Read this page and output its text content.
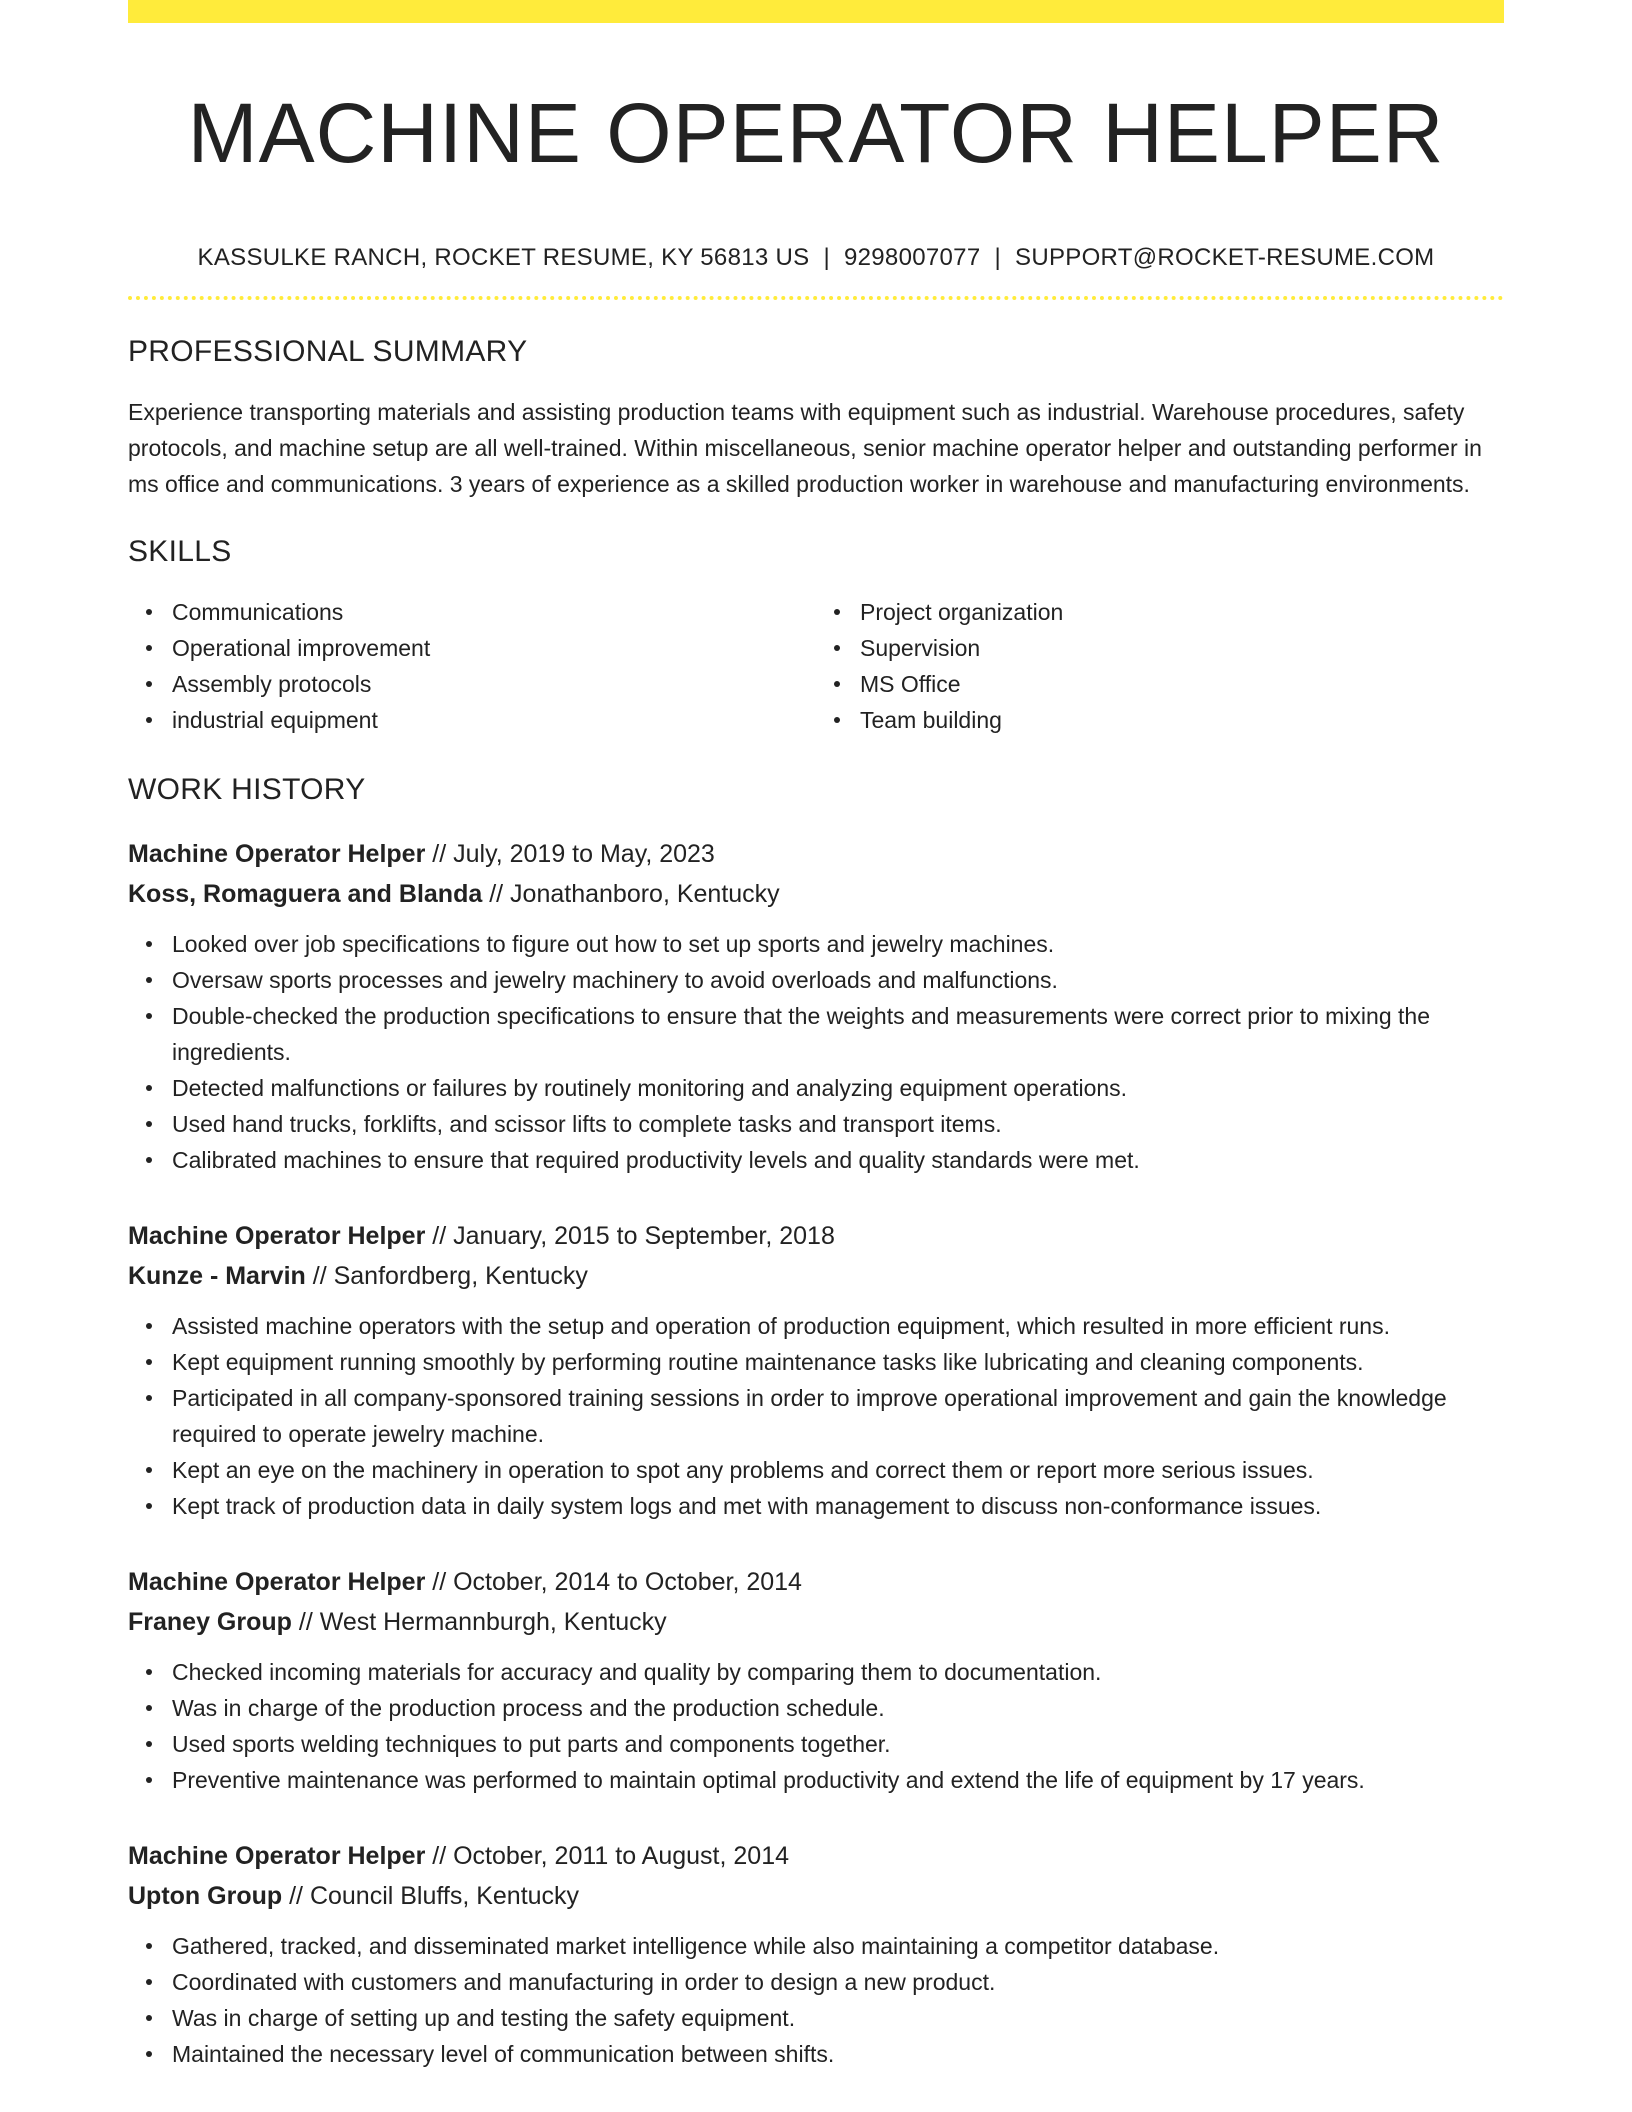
MACHINE OPERATOR HELPER
KASSULKE RANCH, ROCKET RESUME, KY 56813 US | 9298007077 | SUPPORT@ROCKET-RESUME.COM
PROFESSIONAL SUMMARY
Experience transporting materials and assisting production teams with equipment such as industrial. Warehouse procedures, safety protocols, and machine setup are all well-trained. Within miscellaneous, senior machine operator helper and outstanding performer in ms office and communications. 3 years of experience as a skilled production worker in warehouse and manufacturing environments.
SKILLS
Communications
Operational improvement
Assembly protocols
industrial equipment
Project organization
Supervision
MS Office
Team building
WORK HISTORY
Machine Operator Helper // July, 2019 to May, 2023
Koss, Romaguera and Blanda // Jonathanboro, Kentucky
Looked over job specifications to figure out how to set up sports and jewelry machines.
Oversaw sports processes and jewelry machinery to avoid overloads and malfunctions.
Double-checked the production specifications to ensure that the weights and measurements were correct prior to mixing the ingredients.
Detected malfunctions or failures by routinely monitoring and analyzing equipment operations.
Used hand trucks, forklifts, and scissor lifts to complete tasks and transport items.
Calibrated machines to ensure that required productivity levels and quality standards were met.
Machine Operator Helper // January, 2015 to September, 2018
Kunze - Marvin // Sanfordberg, Kentucky
Assisted machine operators with the setup and operation of production equipment, which resulted in more efficient runs.
Kept equipment running smoothly by performing routine maintenance tasks like lubricating and cleaning components.
Participated in all company-sponsored training sessions in order to improve operational improvement and gain the knowledge required to operate jewelry machine.
Kept an eye on the machinery in operation to spot any problems and correct them or report more serious issues.
Kept track of production data in daily system logs and met with management to discuss non-conformance issues.
Machine Operator Helper // October, 2014 to October, 2014
Franey Group // West Hermannburgh, Kentucky
Checked incoming materials for accuracy and quality by comparing them to documentation.
Was in charge of the production process and the production schedule.
Used sports welding techniques to put parts and components together.
Preventive maintenance was performed to maintain optimal productivity and extend the life of equipment by 17 years.
Machine Operator Helper // October, 2011 to August, 2014
Upton Group // Council Bluffs, Kentucky
Gathered, tracked, and disseminated market intelligence while also maintaining a competitor database.
Coordinated with customers and manufacturing in order to design a new product.
Was in charge of setting up and testing the safety equipment.
Maintained the necessary level of communication between shifts.
